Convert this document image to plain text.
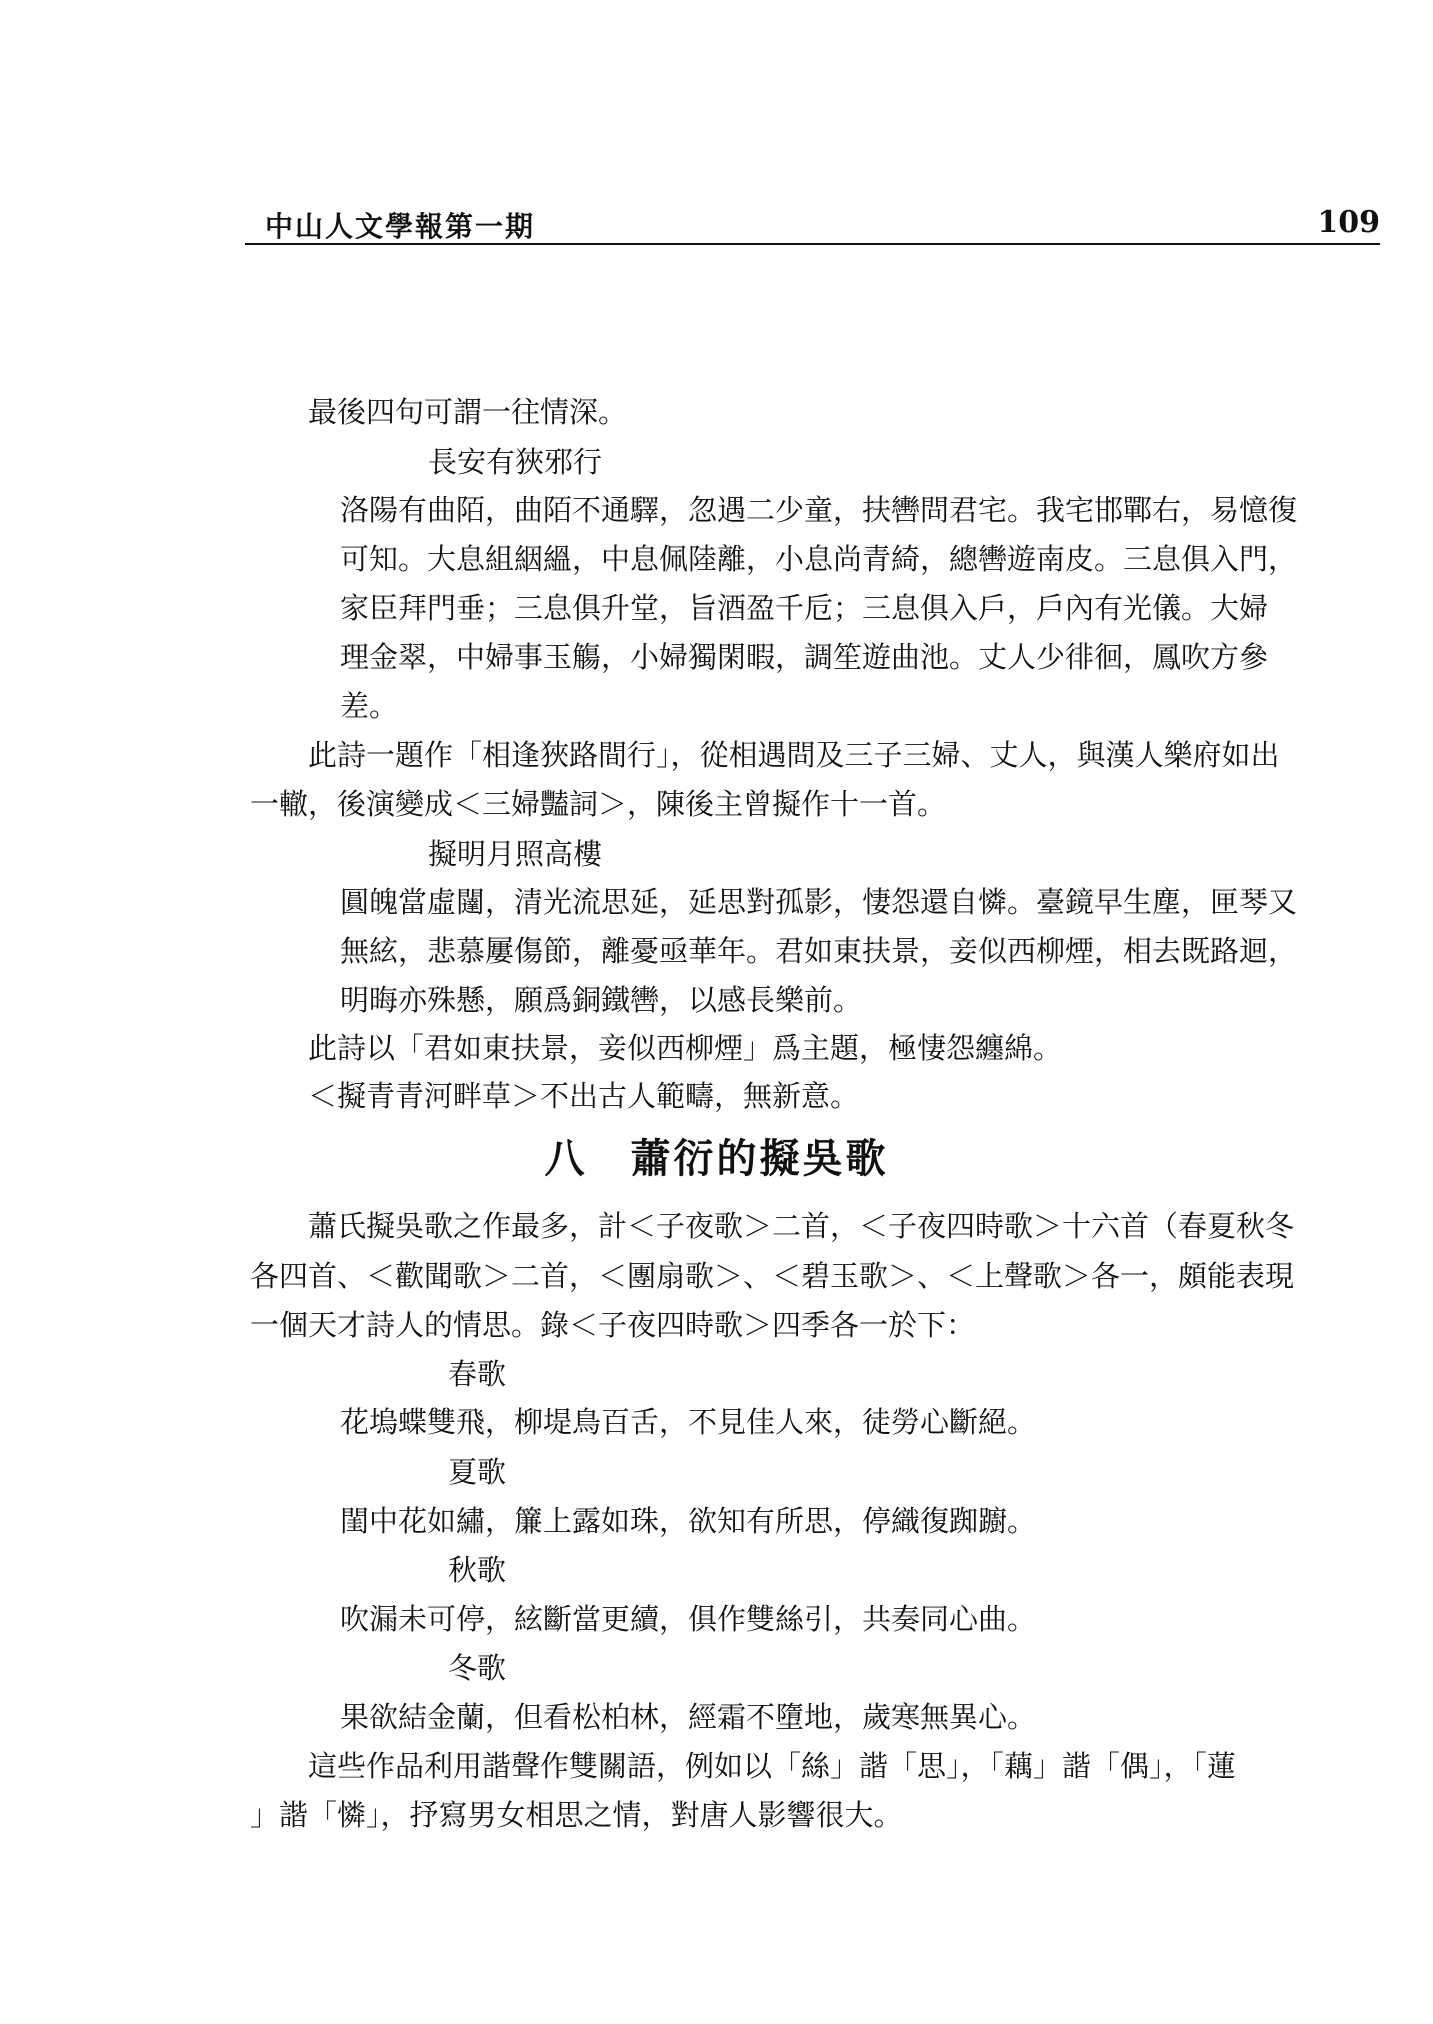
中山人文學報第一期	109
最後四句可謂一往情深。
長安有狹邪行
洛陽有曲陌，曲陌不通驛，忽遇二少童，扶轡問君宅。我宅邯鄲右，易憶復
可知。大息組絪縕，中息佩陸離，小息尚青綺，總轡遊南皮。三息俱入門，
家臣拜門垂；三息俱升堂，旨酒盈千卮；三息俱入戶，戶內有光儀。大婦
理金翠，中婦事玉觴，小婦獨閑暇，調笙遊曲池。丈人少徘徊，鳳吹方參
差。
此詩一題作「相逢狹路間行」，從相遇問及三子三婦、丈人，與漢人樂府如出
一轍，後演變成＜三婦豔詞＞，陳後主曾擬作十一首。
擬明月照高樓
圓魄當虛闥，清光流思延，延思對孤影，悽怨還自憐。臺鏡早生塵，匣琴又
無絃，悲慕屢傷節，離憂亟華年。君如東扶景，妾似西柳煙，相去既路迴，
明晦亦殊懸，願爲銅鐵轡，以感長樂前。
此詩以「君如東扶景，妾似西柳煙」爲主題，極悽怨纏綿。
＜擬青青河畔草＞不出古人範疇，無新意。
八　蕭衍的擬吳歌
蕭氏擬吳歌之作最多，計＜子夜歌＞二首，＜子夜四時歌＞十六首（春夏秋冬
各四首、＜歡聞歌＞二首，＜團扇歌＞、＜碧玉歌＞、＜上聲歌＞各一，頗能表現
一個天才詩人的情思。錄＜子夜四時歌＞四季各一於下：
春歌
花塢蝶雙飛，柳堤鳥百舌，不見佳人來，徒勞心斷絕。
夏歌
閨中花如繡，簾上露如珠，欲知有所思，停織復踟躕。
秋歌
吹漏未可停，絃斷當更續，俱作雙絲引，共奏同心曲。
冬歌
果欲結金蘭，但看松柏林，經霜不墮地，歲寒無異心。
這些作品利用諧聲作雙關語，例如以「絲」諧「思」，「藕」諧「偶」，「蓮
」諧「憐」，抒寫男女相思之情，對唐人影響很大。
